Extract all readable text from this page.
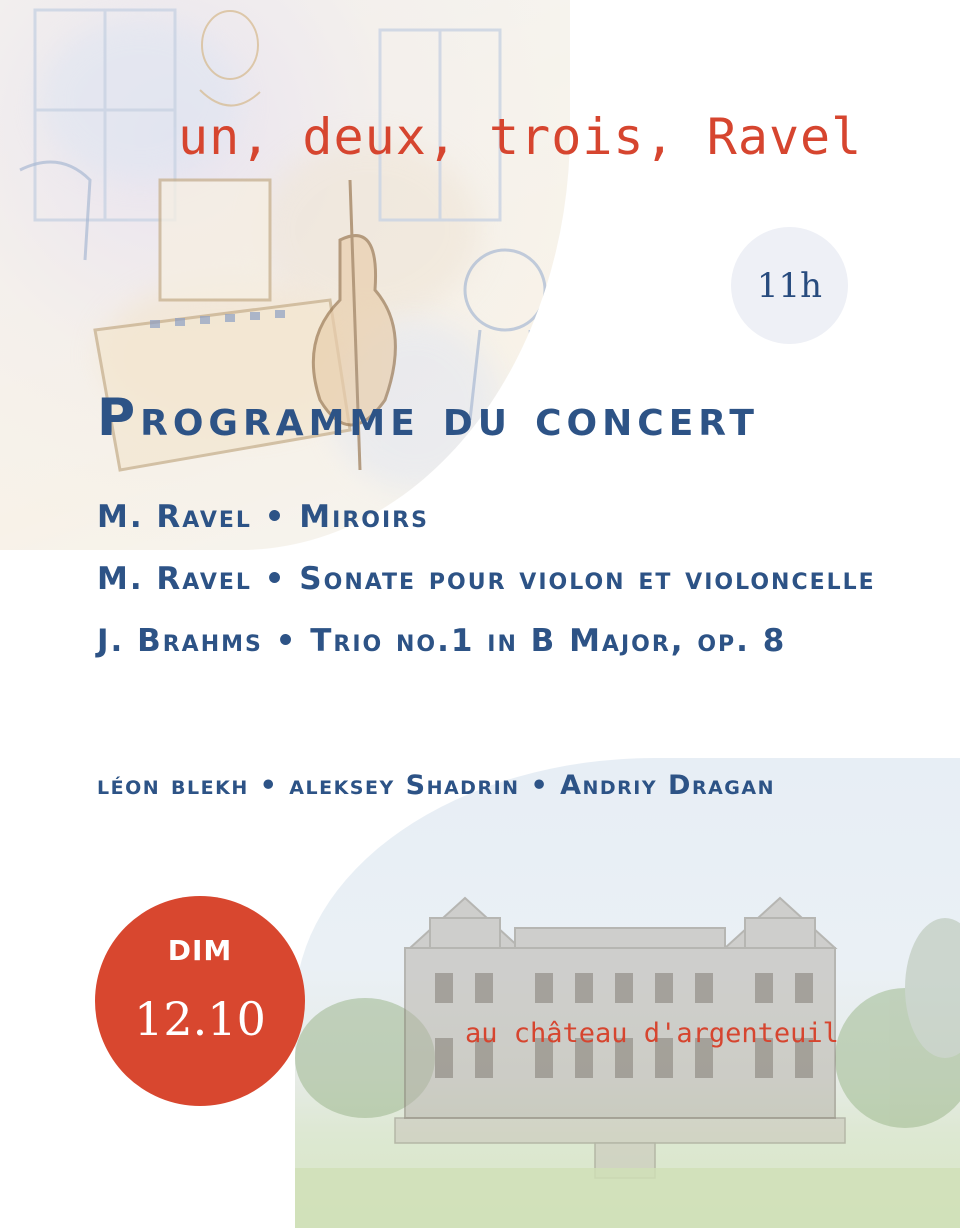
un, deux, trois, Ravel
11h
Programme du concert
M. Ravel • Miroirs
M. Ravel • Sonate pour violon et violoncelle
J. Brahms • Trio no.1 in B Major, op. 8

léon blekh • aleksey Shadrin • Andriy Dragan

DIM
12.10	au château d'argenteuil
